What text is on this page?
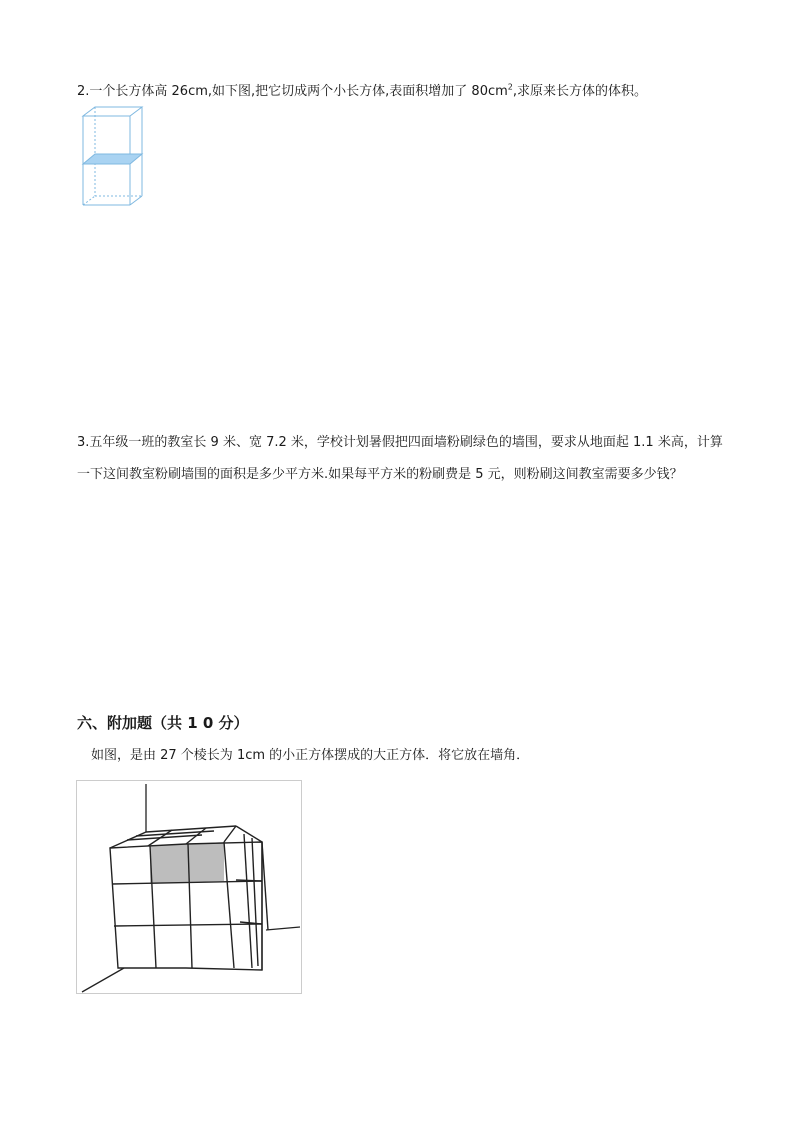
2.一个长方体高 26cm,如下图,把它切成两个小长方体,表面积增加了 $80cm^2$,求原来长方体的体积。
3.五年级一班的教室长 9 米、宽 7.2 米，学校计划暑假把四面墙粉刷绿色的墙围，要求从地面起 1.1 米高，计算一下这间教室粉刷墙围的面积是多少平方米.如果每平方米的粉刷费是 5 元，则粉刷这间教室需要多少钱？
六、附加题（共 1 0 分）
如图，是由 27 个棱长为 1cm 的小正方体摆成的大正方体．将它放在墙角．
